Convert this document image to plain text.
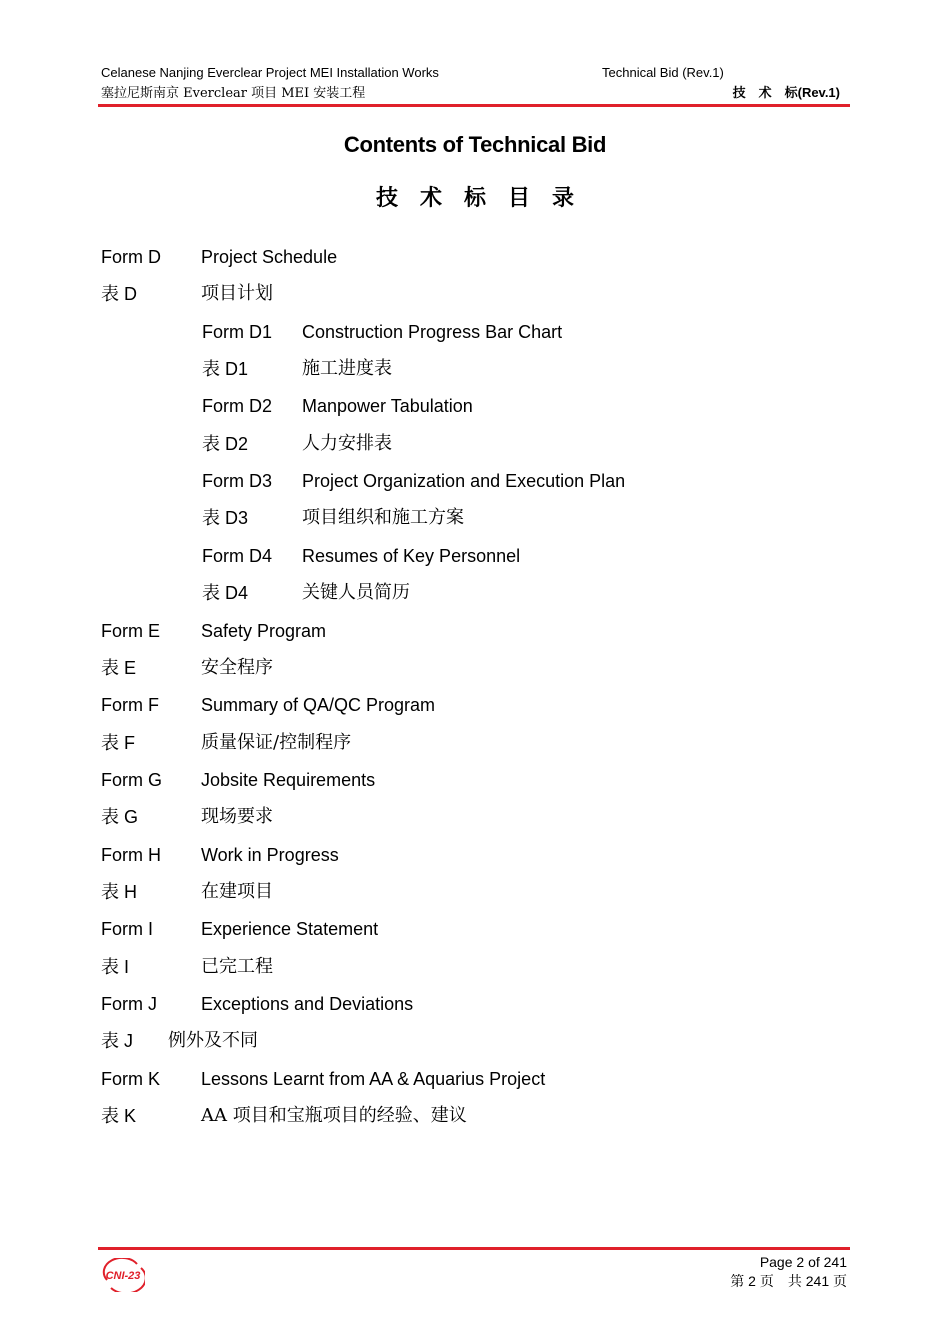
Celanese Nanjing Everclear Project MEI Installation Works
塞拉尼斯南京 Everclear 项目 MEI 安装工程
Technical Bid (Rev.1)
技　术　标(Rev.1)
Contents of Technical Bid
技术标目录
Form D Project Schedule
表 D	项目计划
Form D1 Construction Progress Bar Chart
表 D1	施工进度表
Form D2 Manpower Tabulation
表 D2	人力安排表
Form D3 Project Organization and Execution Plan
表 D3	项目组织和施工方案
Form D4 Resumes of Key Personnel
表 D4	关键人员简历
Form E Safety Program
表 E	安全程序
Form F Summary of QA/QC Program
表 F	质量保证/控制程序
Form G Jobsite Requirements
表 G	现场要求
Form H Work in Progress
表 H	在建项目
Form I	Experience Statement
表 I	已完工程
Form J Exceptions and Deviations
表 J 例外及不同
Form K Lessons Learnt from AA & Aquarius Project
表 K	AA 项目和宝瓶项目的经验、建议
CNI-23
Page 2 of 241
第 2 页　共 241 页
